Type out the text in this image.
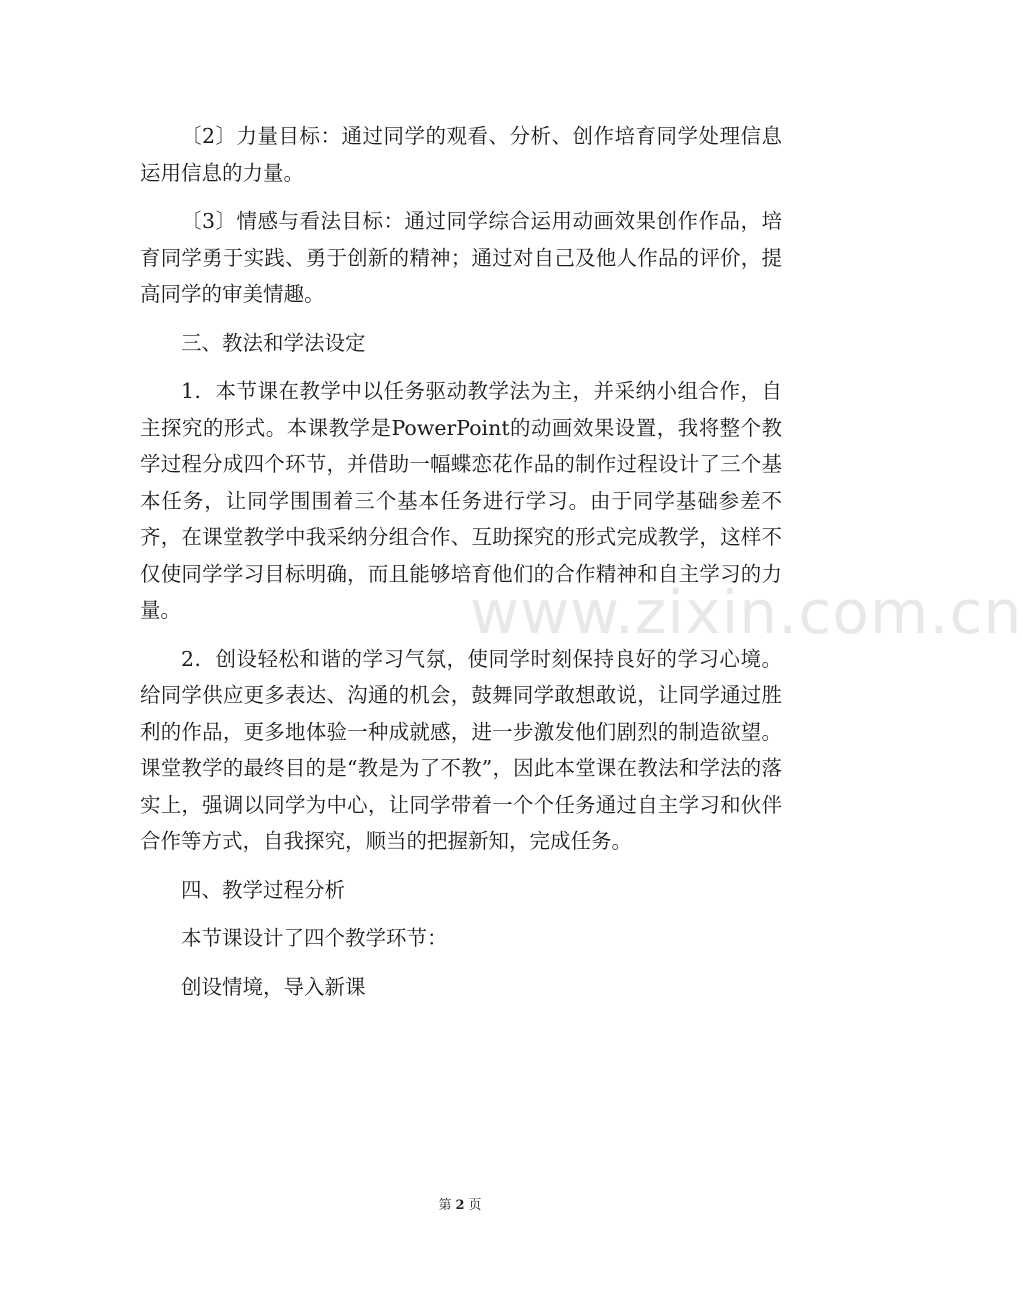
〔2〕力量目标：通过同学的观看、分析、创作培育同学处理信息运用信息的力量。

〔3〕情感与看法目标：通过同学综合运用动画效果创作作品，培育同学勇于实践、勇于创新的精神；通过对自己及他人作品的评价，提高同学的审美情趣。

三、教法和学法设定

1．本节课在教学中以任务驱动教学法为主，并采纳小组合作，自主探究的形式。本课教学是PowerPoint的动画效果设置，我将整个教学过程分成四个环节，并借助一幅蝶恋花作品的制作过程设计了三个基本任务，让同学围围着三个基本任务进行学习。由于同学基础参差不齐，在课堂教学中我采纳分组合作、互助探究的形式完成教学，这样不仅使同学学习目标明确，而且能够培育他们的合作精神和自主学习的力量。

2．创设轻松和谐的学习气氛，使同学时刻保持良好的学习心境。给同学供应更多表达、沟通的机会，鼓舞同学敢想敢说，让同学通过胜利的作品，更多地体验一种成就感，进一步激发他们剧烈的制造欲望。课堂教学的最终目的是“教是为了不教”，因此本堂课在教法和学法的落实上，强调以同学为中心，让同学带着一个个任务通过自主学习和伙伴合作等方式，自我探究，顺当的把握新知，完成任务。

四、教学过程分析

本节课设计了四个教学环节：

创设情境，导入新课

www.zixin.com.cn
第 2 页
